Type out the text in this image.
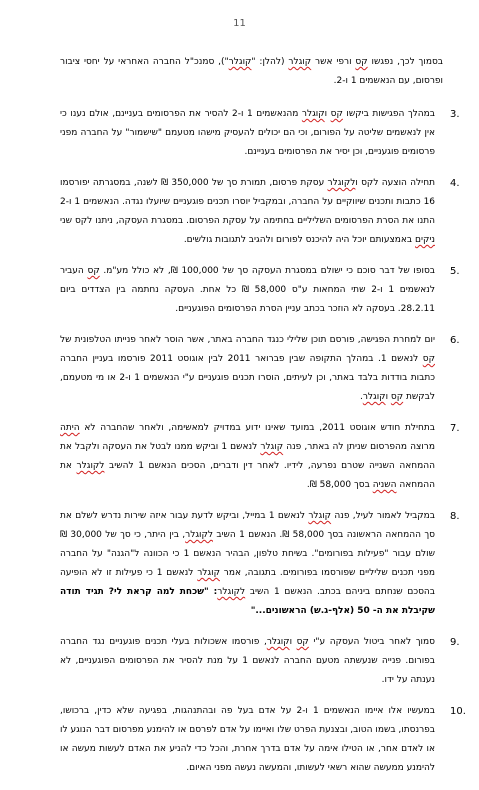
11

בסמוך לכך, נפגשו קס ורפי אשר קוגלר (להלן: "קוגלר"), סמנכ"ל החברה האחראי על יחסי ציבור ופרסום, עם הנאשמים 1 ו-2.

3.
במהלך הפגישות ביקשו קס וקוגלר מהנאשמים 1 ו-2 להסיר את הפרסומים בעניינם, אולם נענו כי אין לנאשמים שליטה על הפורום, וכי הם יכולים להעסיק מישהו מטעמם "שישמור" על החברה מפני פרסומים פוגעניים, וכן יסיר את הפרסומים בעניינם.

4.
תחילה הוצעה לקס ולקוגלר עסקת פרסום, תמורת סך של 350,000 ₪ לשנה, במסגרתה יפורסמו 16 כתבות ותכנים שיווקיים על החברה, ובמקביל יוסרו תכנים פוגעניים שיועלו נגדה. הנאשמים 1 ו-2 התנו את הסרת הפרסומים השליליים בחתימה על עסקת הפרסום. במסגרת העסקה, ניתנו לקס שני ניקים באמצעותם יוכל היה להיכנס לפורום ולהגיב לתגובות גולשים.

5.
בסופו של דבר סוכם כי ישולם במסגרת העסקה סך של 100,000 ₪, לא כולל מע"מ. קס העביר לנאשמים 1 ו-2 שתי המחאות ע"ס 58,000 ₪ כל אחת. העסקה נחתמה בין הצדדים ביום 28.2.11. בעסקה לא הוזכר בכתב עניין הסרת הפרסומים הפוגעניים.

6.
יום למחרת הפגישה, פורסם תוכן שלילי כנגד החברה באתר, אשר הוסר לאחר פנייתו הטלפונית של קס לנאשם 1. במהלך התקופה שבין פברואר 2011 לבין אוגוסט 2011 פורסמו בעניין החברה כתבות בודדות בלבד באתר, וכן לעיתים, הוסרו תכנים פוגעניים ע"י הנאשמים 1 ו-2 או מי מטעמם, לבקשת קס וקוגלר.

7.
בתחילת חודש אוגוסט 2011, במועד שאינו ידוע במדויק למאשימה, ולאחר שהחברה לא היתה מרוצה מהפרסום שניתן לה באתר, פנה קוגלר לנאשם 1 וביקש ממנו לבטל את העסקה ולקבל את ההמחאה השנייה שטרם נפרעה, לידיו. לאחר דין ודברים, הסכים הנאשם 1 להשיב לקוגלר את ההמחאה השניה בסך 58,000 ₪.

8.
במקביל לאמור לעיל, פנה קוגלר לנאשם 1 במייל, וביקש לדעת עבור איזה שירות נדרש לשלם את סך ההמחאה הראשונה בסך 58,000 ₪. הנאשם 1 השיב לקוגלר, בין היתר, כי סך של 30,000 ₪ שולם עבור "פעילות בפורומים". בשיחת טלפון, הבהיר הנאשם 1 כי הכוונה ל"הגנה" על החברה מפני תכנים שליליים שפורסמו בפורומים. בתגובה, אמר קוגלר לנאשם 1 כי פעילות זו לא הופיעה בהסכם שנחתם ביניהם בכתב. הנאשם 1 השיב לקוגלר: "שכחת למה קראת לי? תגיד תודה שקיבלת את ה- 50 (אלף-ג.ש) הראשונים..."

9.
סמוך לאחר ביטול העסקה ע"י קס וקוגלר, פורסמו אשכולות בעלי תכנים פוגעניים נגד החברה בפורום. פנייה שנעשתה מטעם החברה לנאשם 1 על מנת להסיר את הפרסומים הפוגעניים, לא נענתה על ידו.

10.
במעשיו אלו איימו הנאשמים 1 ו-2 על אדם בעל פה ובהתנהגות, בפגיעה שלא כדין, ברכושו, בפרנסתו, בשמו הטוב, ובצנעת הפרט שלו ואיימו על אדם לפרסם או להימנע מפרסום דבר הנוגע לו או לאדם אחר, או הטילו אימה על אדם בדרך אחרת, והכל כדי להניע את האדם לעשות מעשה או להימנע ממעשה שהוא רשאי לעשותו, והמעשה נעשה מפני האיום.
